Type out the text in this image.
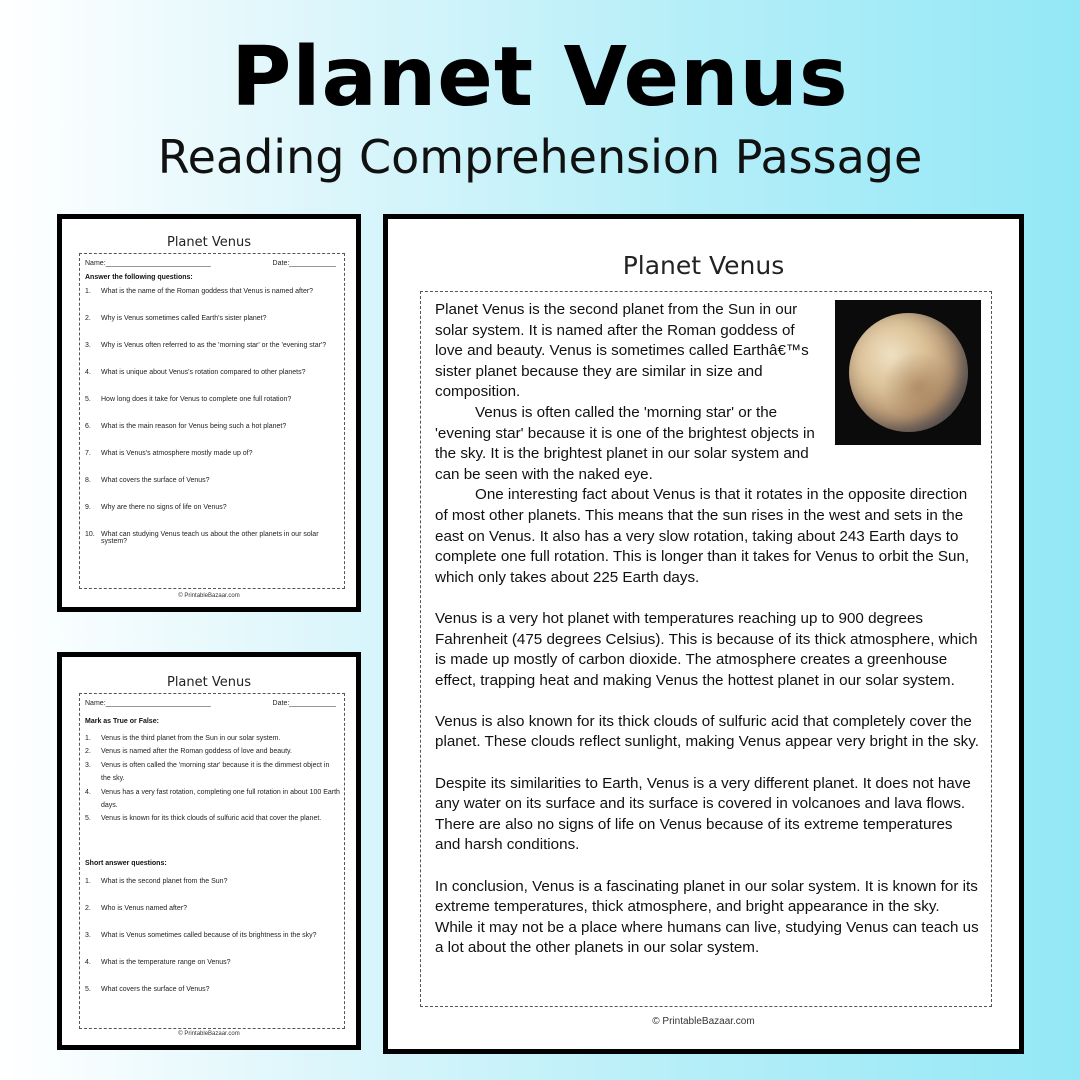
Planet Venus
Reading Comprehension Passage
Planet Venus
Name:___________________________	Date:____________
Answer the following questions:
1. What is the name of the Roman goddess that Venus is named after?
2. Why is Venus sometimes called Earth's sister planet?
3. Why is Venus often referred to as the 'morning star' or the 'evening star'?
4. What is unique about Venus's rotation compared to other planets?
5. How long does it take for Venus to complete one full rotation?
6. What is the main reason for Venus being such a hot planet?
7. What is Venus's atmosphere mostly made up of?
8. What covers the surface of Venus?
9. Why are there no signs of life on Venus?
10. What can studying Venus teach us about the other planets in our solar system?
© PrintableBazaar.com
Planet Venus
Name:___________________________	Date:____________
Mark as True or False:
1. Venus is the third planet from the Sun in our solar system.
2. Venus is named after the Roman goddess of love and beauty.
3. Venus is often called the 'morning star' because it is the dimmest object in the sky.
4. Venus has a very fast rotation, completing one full rotation in about 100 Earth days.
5. Venus is known for its thick clouds of sulfuric acid that cover the planet.
Short answer questions:
1. What is the second planet from the Sun?
2. Who is Venus named after?
3. What is Venus sometimes called because of its brightness in the sky?
4. What is the temperature range on Venus?
5. What covers the surface of Venus?
© PrintableBazaar.com
Planet Venus

Planet Venus is the second planet from the Sun in our solar system. It is named after the Roman goddess of love and beauty. Venus is sometimes called Earthâ€™s sister planet because they are similar in size and composition.

Venus is often called the 'morning star' or the 'evening star' because it is one of the brightest objects in the sky. It is the brightest planet in our solar system and can be seen with the naked eye.

One interesting fact about Venus is that it rotates in the opposite direction of most other planets. This means that the sun rises in the west and sets in the east on Venus. It also has a very slow rotation, taking about 243 Earth days to complete one full rotation. This is longer than it takes for Venus to orbit the Sun, which only takes about 225 Earth days.

Venus is a very hot planet with temperatures reaching up to 900 degrees Fahrenheit (475 degrees Celsius). This is because of its thick atmosphere, which is made up mostly of carbon dioxide. The atmosphere creates a greenhouse effect, trapping heat and making Venus the hottest planet in our solar system.

Venus is also known for its thick clouds of sulfuric acid that completely cover the planet. These clouds reflect sunlight, making Venus appear very bright in the sky.

Despite its similarities to Earth, Venus is a very different planet. It does not have any water on its surface and its surface is covered in volcanoes and lava flows. There are also no signs of life on Venus because of its extreme temperatures and harsh conditions.

In conclusion, Venus is a fascinating planet in our solar system. It is known for its extreme temperatures, thick atmosphere, and bright appearance in the sky. While it may not be a place where humans can live, studying Venus can teach us a lot about the other planets in our solar system.

© PrintableBazaar.com
